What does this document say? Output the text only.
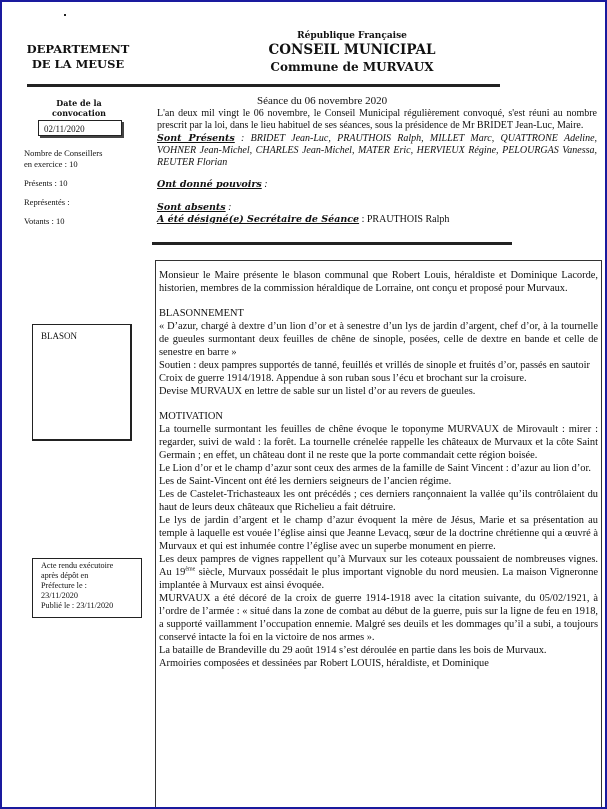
DEPARTEMENT
DE LA MEUSE
République Française
CONSEIL MUNICIPAL
Commune de MURVAUX
Date de la
convocation
02/11/2020
Nombre de Conseillers
en exercice : 10
Présents : 10
Représentés :
Votants : 10
Séance du 06 novembre 2020

L'an deux mil vingt le 06 novembre, le Conseil Municipal régulièrement convoqué, s'est réuni au nombre prescrit par la loi, dans le lieu habituel de ses séances, sous la présidence de Mr BRIDET Jean-Luc, Maire.

Sont Présents : BRIDET Jean-Luc, PRAUTHOIS Ralph, MILLET Marc, QUATTRONE Adeline, VOHNER Jean-Michel, CHARLES Jean-Michel, MATER Eric, HERVIEUX Régine, PELOURGAS Vanessa, REUTER Florian

Ont donné pouvoirs :

Sont absents :

A été désigné(e) Secrétaire de Séance : PRAUTHOIS Ralph

BLASON
Acte rendu exécutoire
après dépôt en
Préfecture le :
23/11/2020
Publié le : 23/11/2020

Monsieur le Maire présente le blason communal que Robert Louis, héraldiste et Dominique Lacorde, historien, membres de la commission héraldique de Lorraine, ont conçu et proposé pour Murvaux.

BLASONNEMENT

« D’azur, chargé à dextre d’un lion d’or et à senestre d’un lys de jardin d’argent, chef d’or, à la tournelle de gueules surmontant deux feuilles de chêne de sinople, posées, celle de dextre en bande et celle de senestre en barre »

Soutien : deux pampres supportés de tanné, feuillés et vrillés de sinople et fruités d’or, passés en sautoir

Croix de guerre 1914/1918. Appendue à son ruban sous l’écu et brochant sur la croisure.

Devise MURVAUX en lettre de sable sur un listel d’or au revers de gueules.

MOTIVATION

La tournelle surmontant les feuilles de chêne évoque le toponyme MURVAUX de Mirovault : mirer : regarder, suivi de wald : la forêt. La tournelle crénelée rappelle les châteaux de Murvaux et la côte Saint Germain ; en effet, un château dont il ne reste que la porte commandait cette région boisée.

Le Lion d’or et le champ d’azur sont ceux des armes de la famille de Saint Vincent : d’azur au lion d’or.

Les de Saint-Vincent ont été les derniers seigneurs de l’ancien régime.

Les de Castelet-Trichasteaux les ont précédés ; ces derniers rançonnaient la vallée qu’ils contrôlaient du haut de leurs deux châteaux que Richelieu a fait détruire.

Le lys de jardin d’argent et le champ d’azur évoquent la mère de Jésus, Marie et sa présentation au temple à laquelle est vouée l’église ainsi que Jeanne Levacq, sœur de la doctrine chrétienne qui a œuvré à Murvaux et qui est inhumée contre l’église avec un superbe monument en pierre.

Les deux pampres de vignes rappellent qu’à Murvaux sur les coteaux poussaient de nombreuses vignes. Au 19ème siècle, Murvaux possédait le plus important vignoble du nord meusien. La maison Vigneronne implantée à Murvaux est ainsi évoquée.

MURVAUX a été décoré de la croix de guerre 1914-1918 avec la citation suivante, du 05/02/1921, à l’ordre de l’armée : « situé dans la zone de combat au début de la guerre, puis sur la ligne de feu en 1918, a supporté vaillamment l’occupation ennemie. Malgré ses deuils et les dommages qu’il a subi, a toujours conservé intacte la foi en la victoire de nos armes ».

La bataille de Brandeville du 29 août 1914 s’est déroulée en partie dans les bois de Murvaux.

Armoiries composées et dessinées par Robert LOUIS, héraldiste, et Dominique
